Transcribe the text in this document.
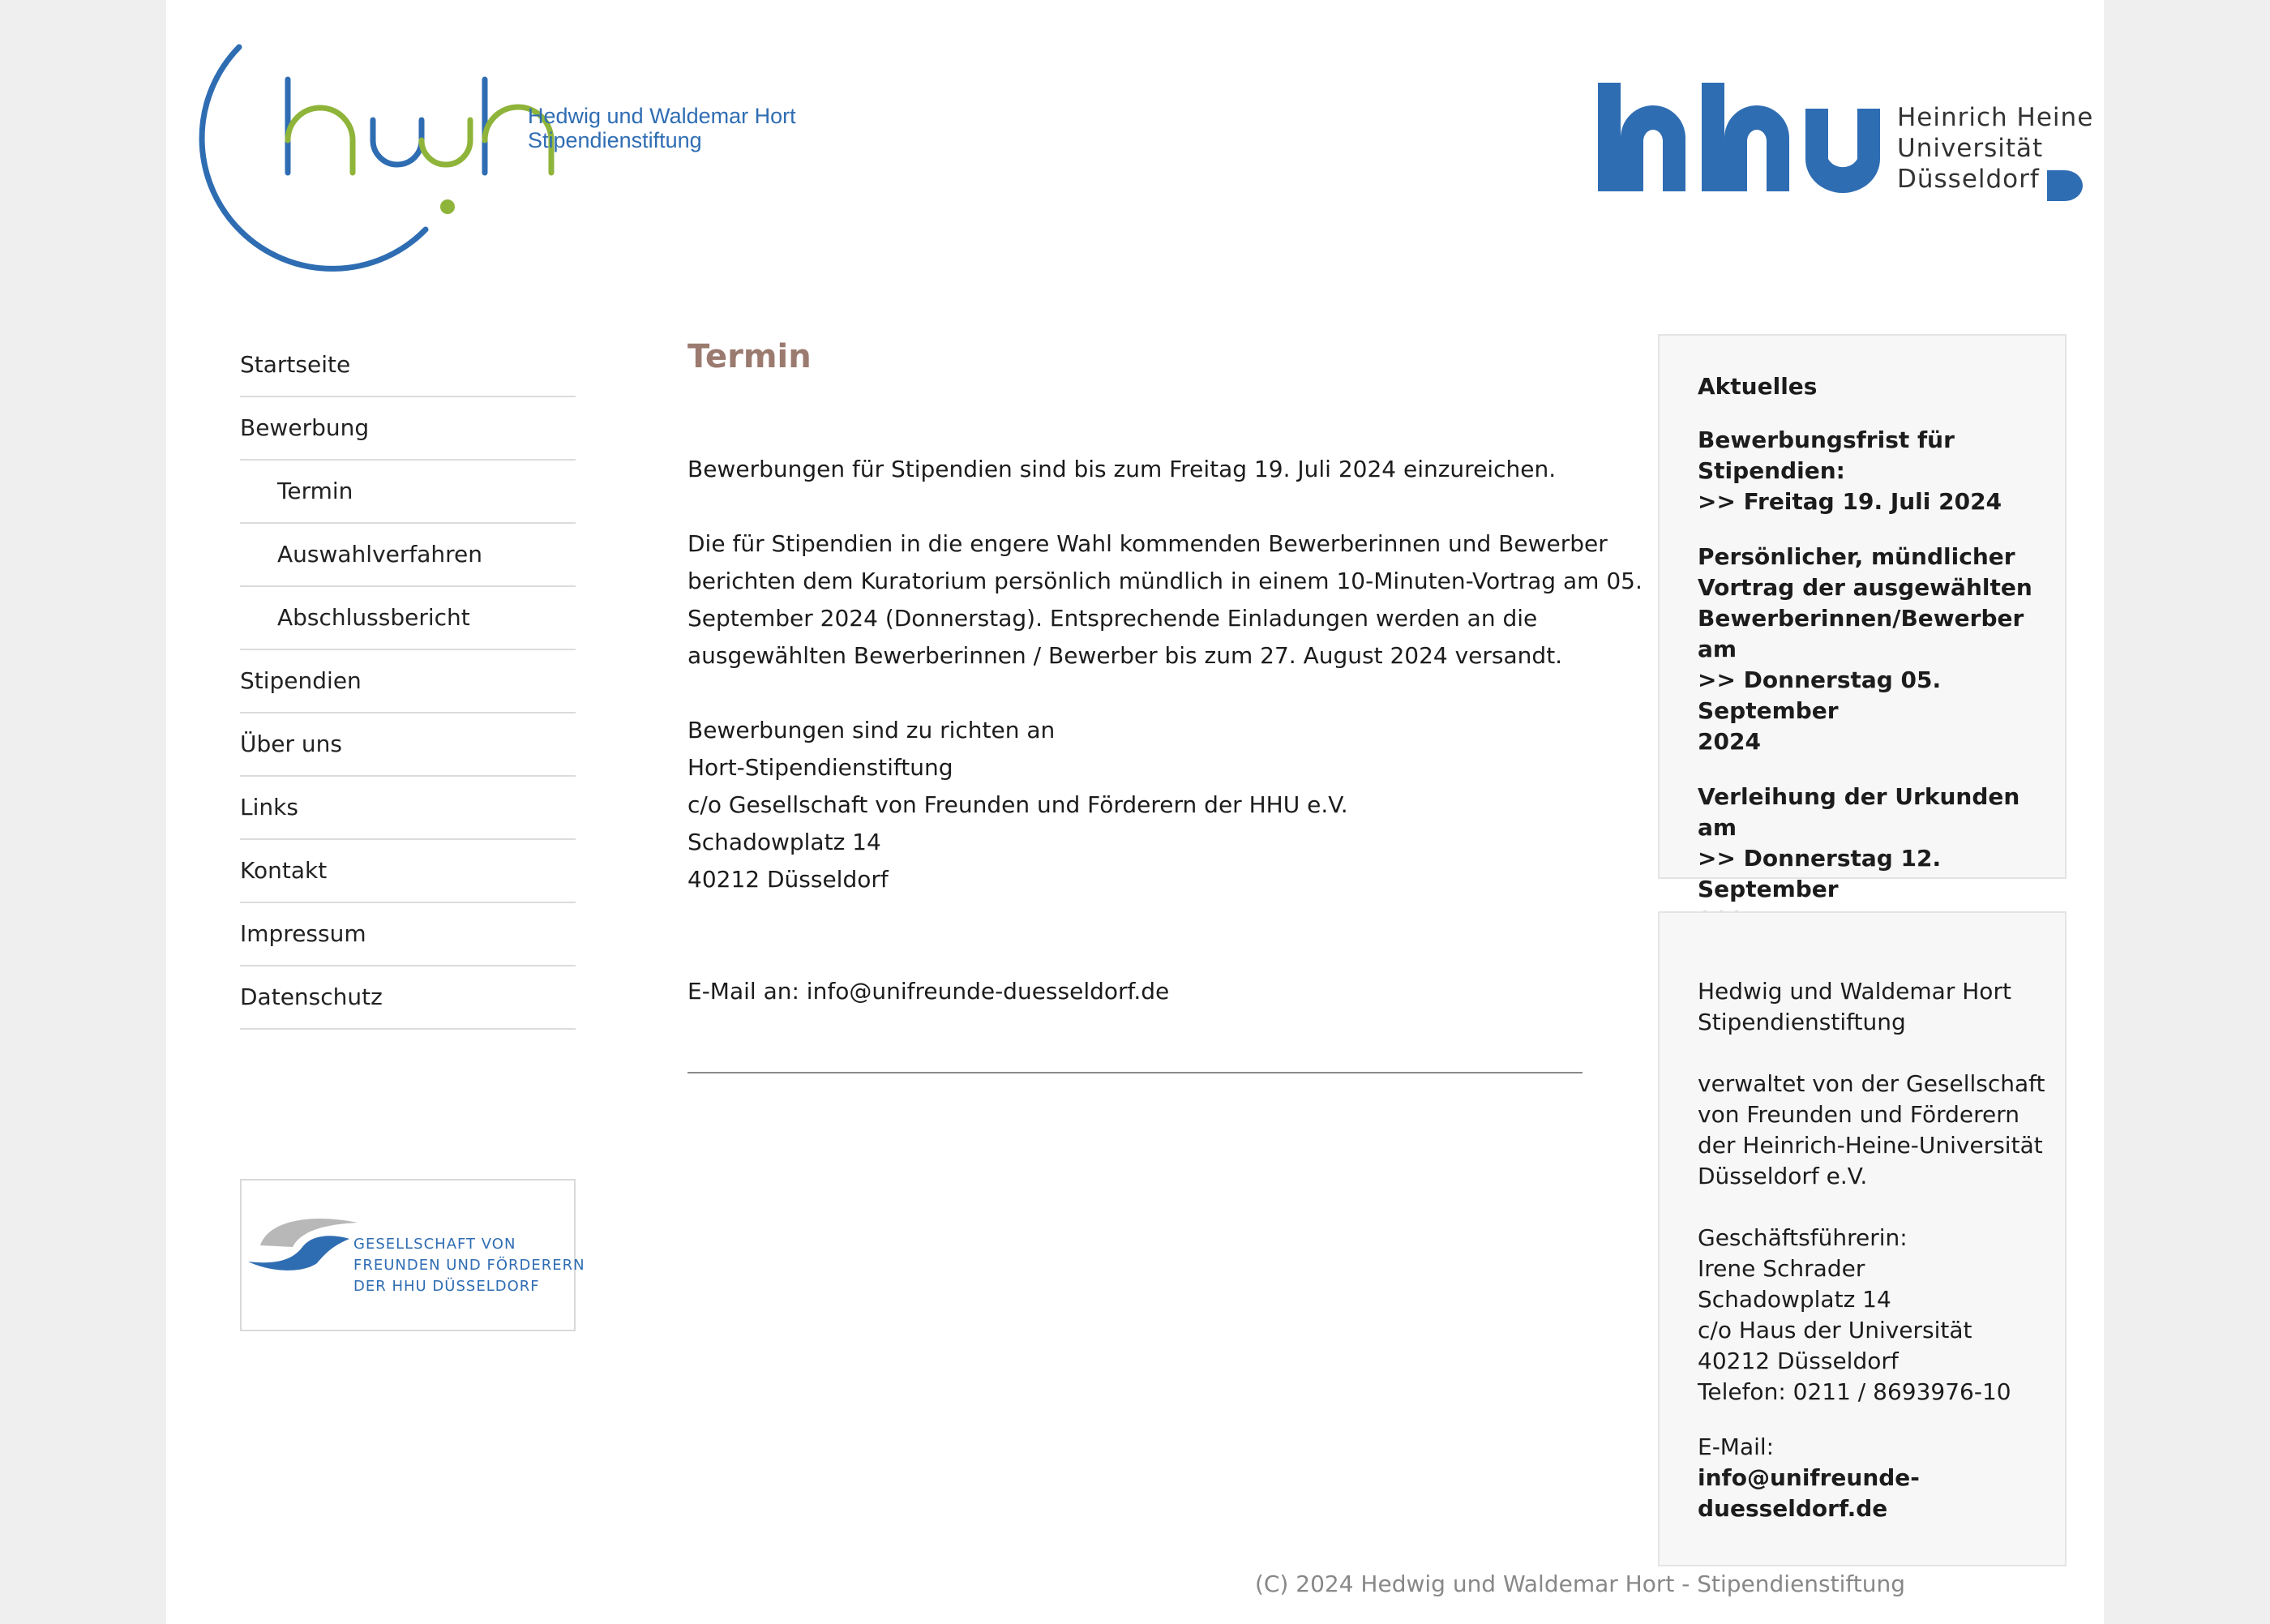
Hedwig und Waldemar Hort
Stipendienstiftung
Heinrich Heine
Universität
Düsseldorf
Startseite
Bewerbung
Termin
Auswahlverfahren
Abschlussbericht
Stipendien
Über uns
Links
Kontakt
Impressum
Datenschutz
GESELLSCHAFT VON
FREUNDEN UND FÖRDERERN
DER HHU DÜSSELDORF
Termin

Bewerbungen für Stipendien sind bis zum Freitag 19. Juli 2024 einzureichen.

Die für Stipendien in die engere Wahl kommenden Bewerberinnen und Bewerber

berichten dem Kuratorium persönlich mündlich in einem 10-Minuten-Vortrag am 05.

September 2024 (Donnerstag). Entsprechende Einladungen werden an die

ausgewählten Bewerberinnen / Bewerber bis zum 27. August 2024 versandt.

Bewerbungen sind zu richten an

Hort-Stipendienstiftung

c/o Gesellschaft von Freunden und Förderern der HHU e.V.

Schadowplatz 14

40212 Düsseldorf

E-Mail an: info@unifreunde-duesseldorf.de

Aktuelles
Bewerbungsfrist für Stipendien:
>> Freitag 19. Juli 2024
Persönlicher, mündlicher
Vortrag der ausgewählten
Bewerberinnen/Bewerber am
>> Donnerstag 05. September
2024
Verleihung der Urkunden am
>> Donnerstag 12. September
Hedwig und Waldemar Hort
Stipendienstiftung
verwaltet von der Gesellschaft
von Freunden und Förderern
der Heinrich-Heine-Universität
Düsseldorf e.V.
Geschäftsführerin:
Irene Schrader
Schadowplatz 14
c/o Haus der Universität
40212 Düsseldorf
Telefon: 0211 / 8693976-10
E-Mail:
info@unifreunde-
duesseldorf.de
(C) 2024 Hedwig und Waldemar Hort - Stipendienstiftung
